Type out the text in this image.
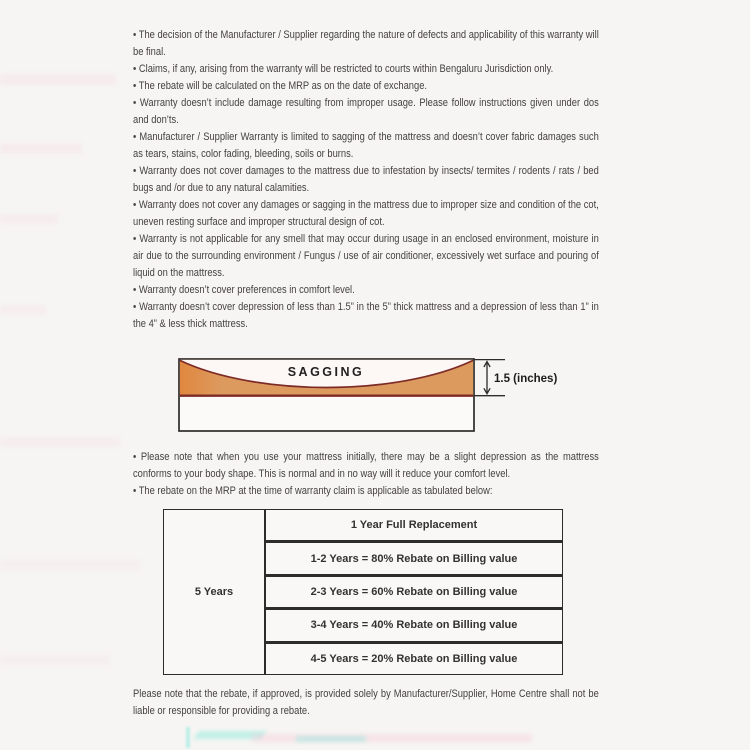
• The decision of the Manufacturer / Supplier regarding the nature of defects and applicability of this warranty will be final.

• Claims, if any, arising from the warranty will be restricted to courts within Bengaluru Jurisdiction only.

• The rebate will be calculated on the MRP as on the date of exchange.

• Warranty doesn’t include damage resulting from improper usage. Please follow instructions given under dos and don’ts.

• Manufacturer / Supplier Warranty is limited to sagging of the mattress and doesn’t cover fabric damages such as tears, stains, color fading, bleeding, soils or burns.

• Warranty does not cover damages to the mattress due to infestation by insects/ termites / rodents / rats / bed bugs and /or due to any natural calamities.

• Warranty does not cover any damages or sagging in the mattress due to improper size and condition of the cot, uneven resting surface and improper structural design of cot.

• Warranty is not applicable for any smell that may occur during usage in an enclosed environment, moisture in air due to the surrounding environment / Fungus / use of air conditioner, excessively wet surface and pouring of liquid on the mattress.

• Warranty doesn’t cover preferences in comfort level.

• Warranty doesn’t cover depression of less than 1.5” in the 5” thick mattress and a depression of less than 1” in the 4” & less thick mattress.

SAGGING	1.5 (inches)

• Please note that when you use your mattress initially, there may be a slight depression as the mattress conforms to your body shape. This is normal and in no way will it reduce your comfort level.

• The rebate on the MRP at the time of warranty claim is applicable as tabulated below:

5 Years
1 Year Full Replacement
1-2 Years = 80% Rebate on Billing value
2-3 Years = 60% Rebate on Billing value
3-4 Years = 40% Rebate on Billing value
4-5 Years = 20% Rebate on Billing value

Please note that the rebate, if approved, is provided solely by Manufacturer/Supplier, Home Centre shall not be liable or responsible for providing a rebate.
